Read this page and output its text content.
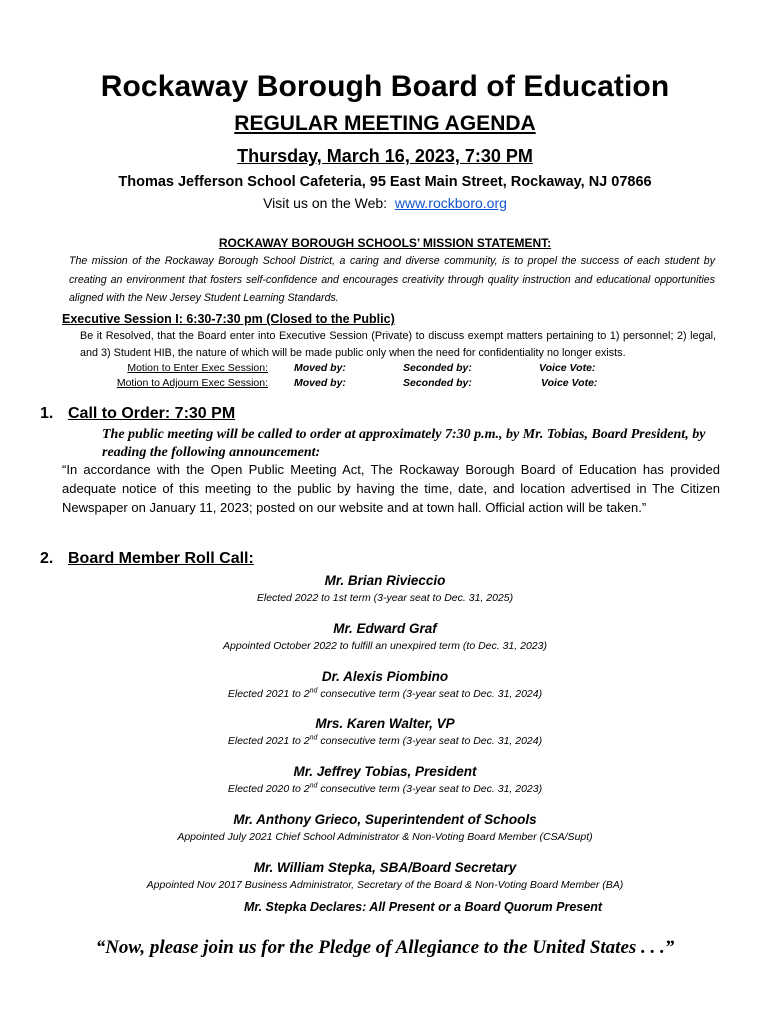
Rockaway Borough Board of Education
REGULAR MEETING AGENDA
Thursday, March 16, 2023, 7:30 PM
Thomas Jefferson School Cafeteria, 95 East Main Street, Rockaway, NJ 07866
Visit us on the Web: www.rockboro.org
ROCKAWAY BOROUGH SCHOOLS’ MISSION STATEMENT:
The mission of the Rockaway Borough School District, a caring and diverse community, is to propel the success of each student by creating an environment that fosters self-confidence and encourages creativity through quality instruction and educational opportunities aligned with the New Jersey Student Learning Standards.
Executive Session I: 6:30-7:30 pm (Closed to the Public)
Be it Resolved, that the Board enter into Executive Session (Private) to discuss exempt matters pertaining to 1) personnel; 2) legal, and 3) Student HIB, the nature of which will be made public only when the need for confidentiality no longer exists.
Motion to Enter Exec Session: Moved by:	Seconded by:	Voice Vote:
Motion to Adjourn Exec Session: Moved by:	Seconded by:	Voice Vote:
1. Call to Order: 7:30 PM
The public meeting will be called to order at approximately 7:30 p.m., by Mr. Tobias, Board President, by reading the following announcement:
“In accordance with the Open Public Meeting Act, The Rockaway Borough Board of Education has provided adequate notice of this meeting to the public by having the time, date, and location advertised in The Citizen Newspaper on January 11, 2023; posted on our website and at town hall. Official action will be taken.”
2. Board Member Roll Call:
Mr. Brian Rivieccio
Elected 2022 to 1st term (3-year seat to Dec. 31, 2025)
Mr. Edward Graf
Appointed October 2022 to fulfill an unexpired term (to Dec. 31, 2023)
Dr. Alexis Piombino
Elected 2021 to 2nd consecutive term (3-year seat to Dec. 31, 2024)
Mrs. Karen Walter, VP
Elected 2021 to 2nd consecutive term (3-year seat to Dec. 31, 2024)
Mr. Jeffrey Tobias, President
Elected 2020 to 2nd consecutive term (3-year seat to Dec. 31, 2023)
Mr. Anthony Grieco, Superintendent of Schools
Appointed July 2021 Chief School Administrator & Non-Voting Board Member (CSA/Supt)
Mr. William Stepka, SBA/Board Secretary
Appointed Nov 2017 Business Administrator, Secretary of the Board & Non-Voting Board Member (BA)
Mr. Stepka Declares: All Present or a Board Quorum Present
“Now, please join us for the Pledge of Allegiance to the United States . . .”
